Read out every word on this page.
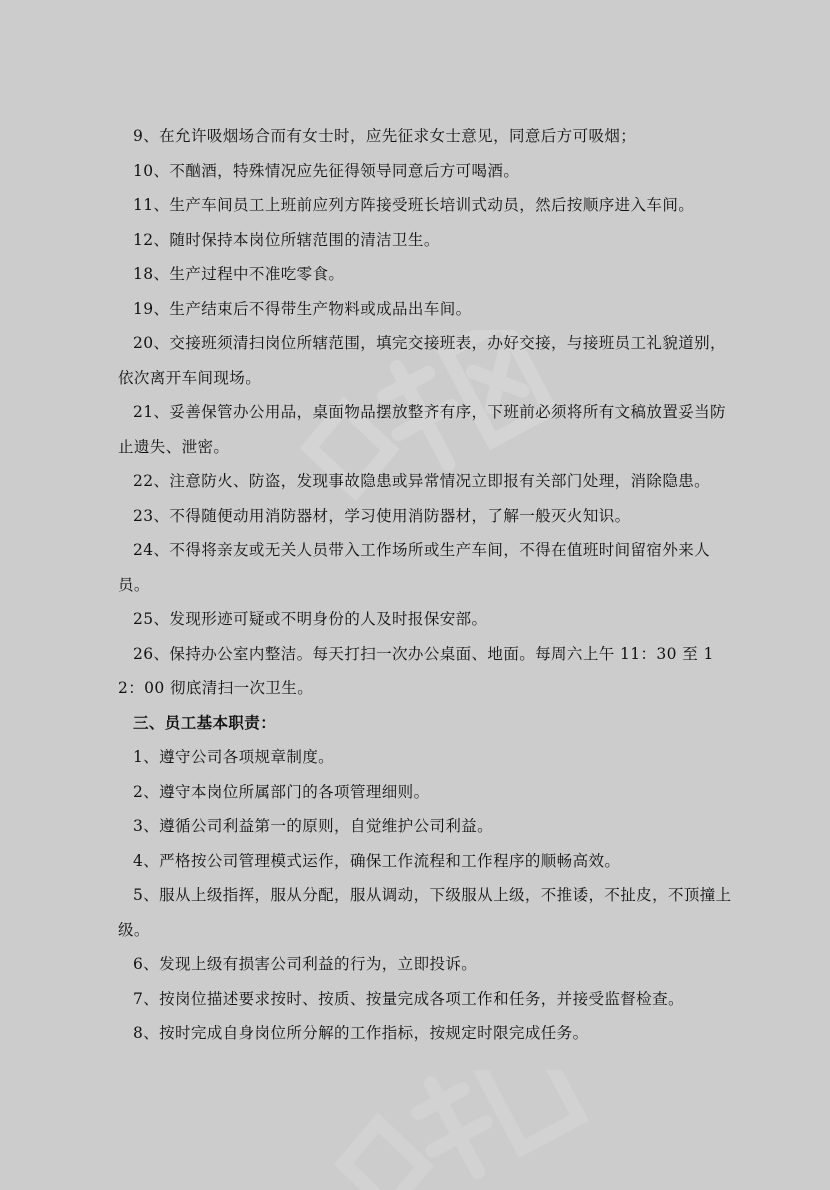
9、在允许吸烟场合而有女士时，应先征求女士意见，同意后方可吸烟；

10、不酗酒，特殊情况应先征得领导同意后方可喝酒。

11、生产车间员工上班前应列方阵接受班长培训式动员，然后按顺序进入车间。

12、随时保持本岗位所辖范围的清洁卫生。

18、生产过程中不准吃零食。

19、生产结束后不得带生产物料或成品出车间。

20、交接班须清扫岗位所辖范围，填完交接班表，办好交接，与接班员工礼貌道别，依次离开车间现场。

21、妥善保管办公用品，桌面物品摆放整齐有序，下班前必须将所有文稿放置妥当防止遗失、泄密。

22、注意防火、防盗，发现事故隐患或异常情况立即报有关部门处理，消除隐患。

23、不得随便动用消防器材，学习使用消防器材，了解一般灭火知识。

24、不得将亲友或无关人员带入工作场所或生产车间，不得在值班时间留宿外来人员。

25、发现形迹可疑或不明身份的人及时报保安部。

26、保持办公室内整洁。每天打扫一次办公桌面、地面。每周六上午 11：30 至 12：00 彻底清扫一次卫生。

三、员工基本职责：

1、遵守公司各项规章制度。

2、遵守本岗位所属部门的各项管理细则。

3、遵循公司利益第一的原则，自觉维护公司利益。

4、严格按公司管理模式运作，确保工作流程和工作程序的顺畅高效。

5、服从上级指挥，服从分配，服从调动，下级服从上级，不推诿，不扯皮，不顶撞上级。

6、发现上级有损害公司利益的行为，立即投诉。

7、按岗位描述要求按时、按质、按量完成各项工作和任务，并接受监督检查。

8、按时完成自身岗位所分解的工作指标，按规定时限完成任务。
